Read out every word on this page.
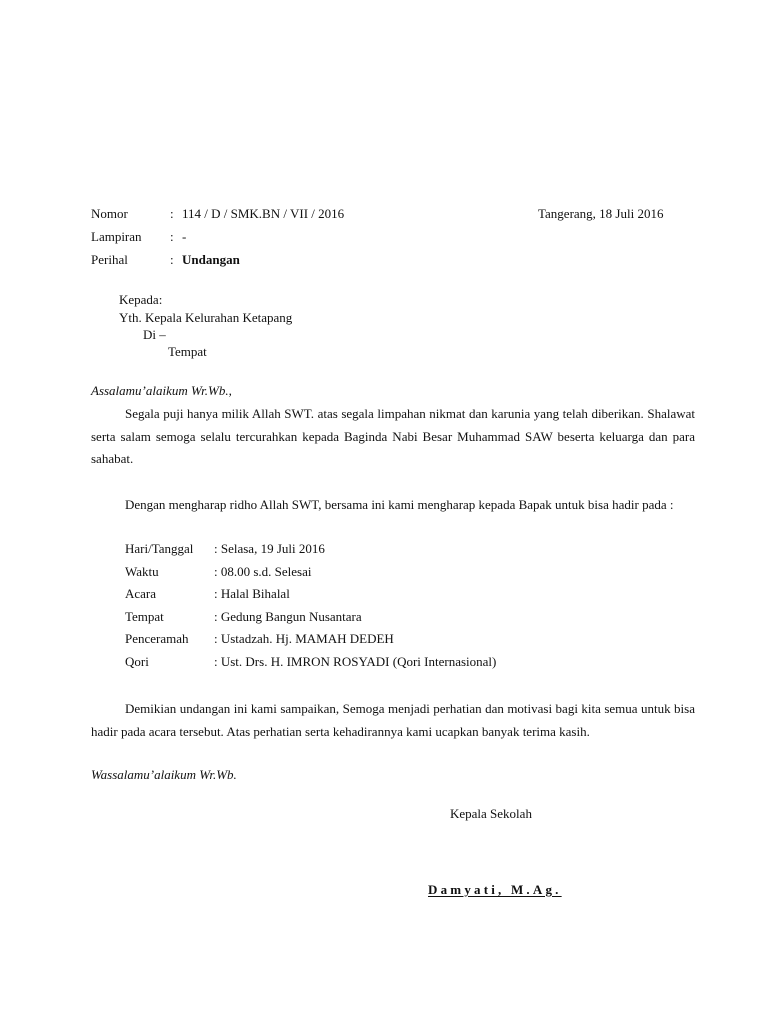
Nomor	: 114 / D / SMK.BN / VII / 2016	Tangerang, 18 Juli 2016
Lampiran : -
Perihal	: Undangan
Kepada:
Yth. Kepala Kelurahan Ketapang
Di –
Tempat
Assalamu’alaikum Wr.Wb.,
Segala puji hanya milik Allah SWT. atas segala limpahan nikmat dan karunia yang telah diberikan. Shalawat serta salam semoga selalu tercurahkan kepada Baginda Nabi Besar Muhammad SAW beserta keluarga dan para sahabat.
Dengan mengharap ridho Allah SWT, bersama ini kami mengharap kepada Bapak untuk bisa hadir pada :
Hari/Tanggal : Selasa, 19 Juli 2016
Waktu	: 08.00 s.d. Selesai
Acara	: Halal Bihalal
Tempat	: Gedung Bangun Nusantara
Penceramah : Ustadzah. Hj. MAMAH DEDEH
Qori	: Ust. Drs. H. IMRON ROSYADI (Qori Internasional)
Demikian undangan ini kami sampaikan, Semoga menjadi perhatian dan motivasi bagi kita semua untuk bisa hadir pada acara tersebut. Atas perhatian serta kehadirannya kami ucapkan banyak terima kasih.
Wassalamu’alaikum Wr.Wb.
Kepala Sekolah
Damyati, M.Ag.
